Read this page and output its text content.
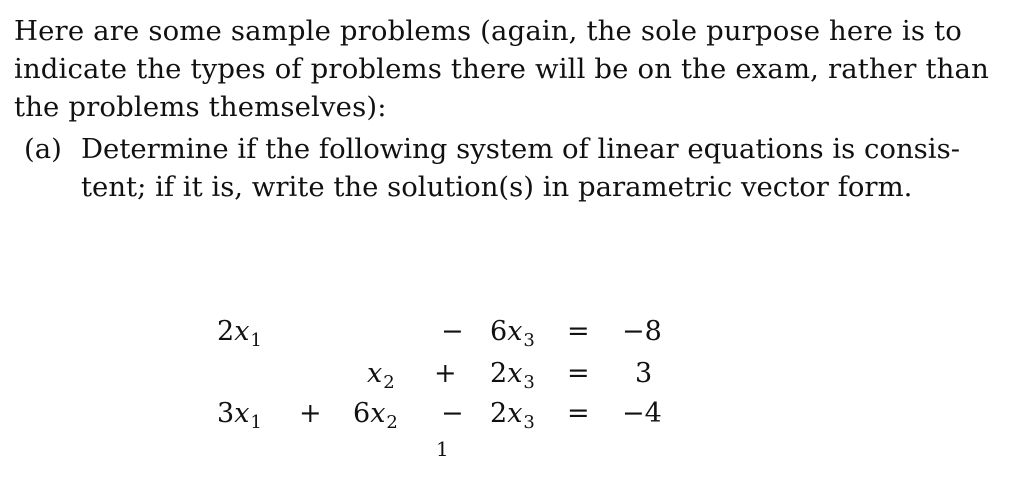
Here are some sample problems (again, the sole purpose here is to
indicate the types of problems there will be on the exam, rather than
the problems themselves):
(a) Determine if the following system of linear equations is consis-
tent; if it is, write the solution(s) in parametric vector form.
$2x_1$	− $6x_3 = -8$
$x_2 + 2x_3 = 3$
$3x_1 + 6x_2 - 2x_3 = -4$
1
